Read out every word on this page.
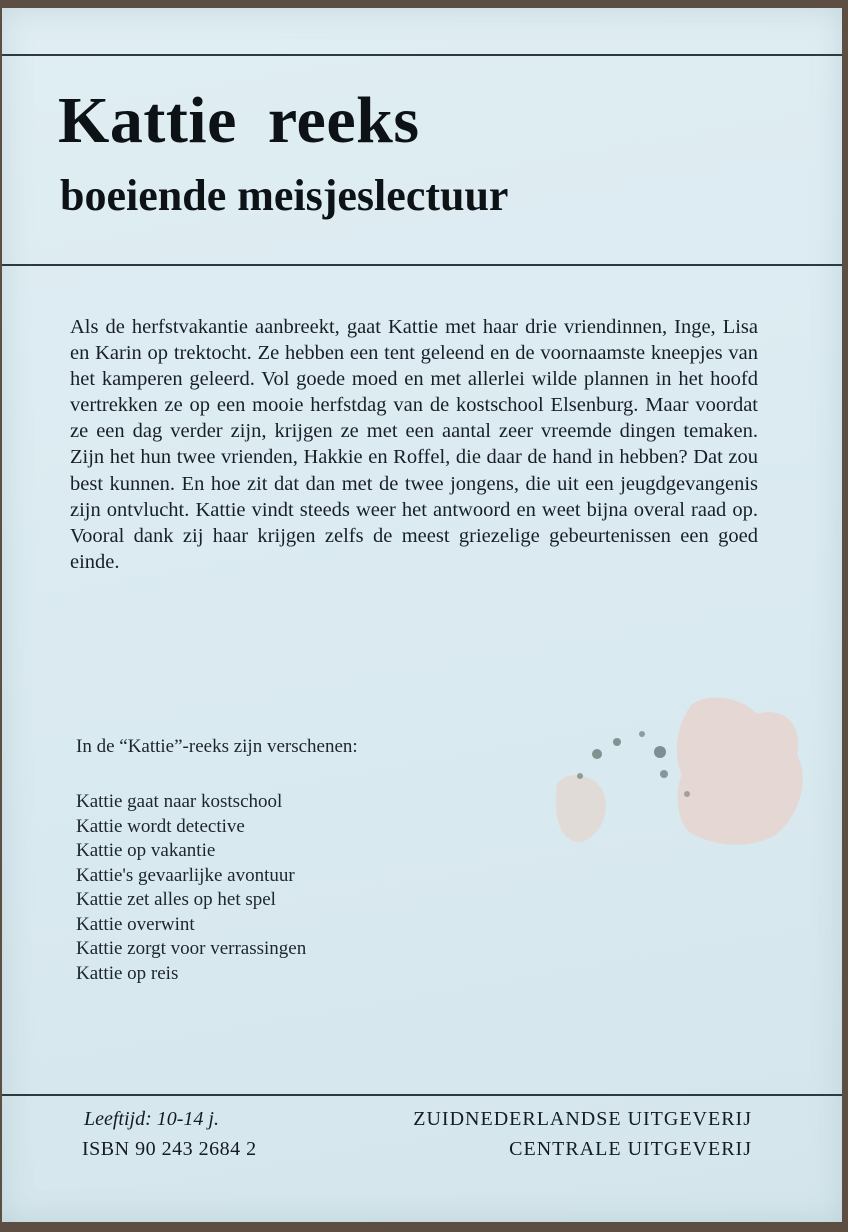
Kattie reeks
boeiende meisjeslectuur

Als de herfstvakantie aanbreekt, gaat Kattie met haar drie vriendinnen, Inge, Lisa en Karin op trektocht. Ze hebben een tent geleend en de voornaamste kneepjes van het kamperen geleerd. Vol goede moed en met allerlei wilde plannen in het hoofd vertrekken ze op een mooie herfstdag van de kostschool Elsenburg. Maar voordat ze een dag verder zijn, krijgen ze met een aantal zeer vreemde dingen temaken. Zijn het hun twee vrienden, Hakkie en Roffel, die daar de hand in hebben? Dat zou best kunnen. En hoe zit dat dan met de twee jongens, die uit een jeugdgevangenis zijn ontvlucht. Kattie vindt steeds weer het antwoord en weet bijna overal raad op. Vooral dank zij haar krijgen zelfs de meest griezelige gebeurtenissen een goed einde.

In de “Kattie”-reeks zijn verschenen:

Kattie gaat naar kostschool
Kattie wordt detective
Kattie op vakantie
Kattie's gevaarlijke avontuur
Kattie zet alles op het spel
Kattie overwint
Kattie zorgt voor verrassingen
Kattie op reis
Leeftijd: 10-14 j.
ISBN 90 243 2684 2
ZUIDNEDERLANDSE UITGEVERIJ
CENTRALE UITGEVERIJ
